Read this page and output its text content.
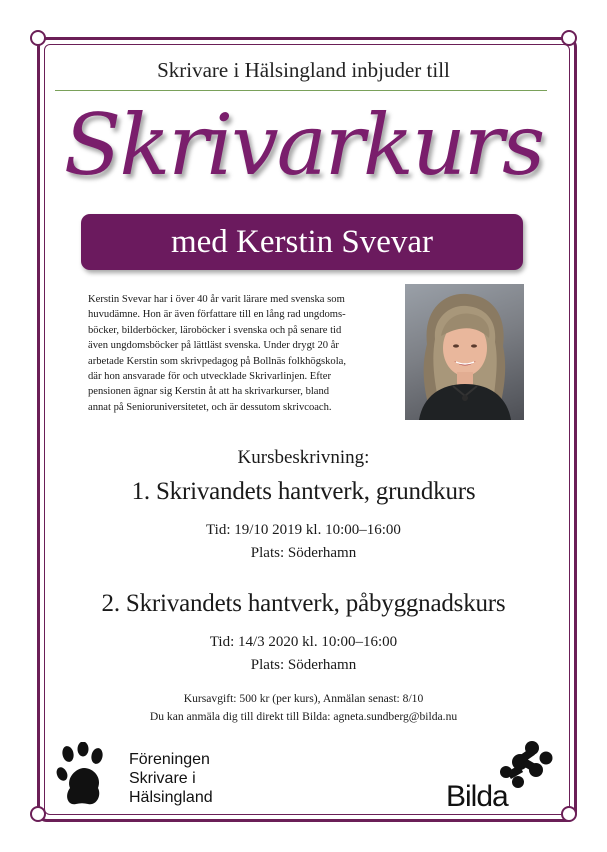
Skrivare i Hälsingland inbjuder till
Skrivarkurs
med Kerstin Svevar
Kerstin Svevar har i över 40 år varit lärare med svenska som
huvudämne. Hon är även författare till en lång rad ungdoms-
böcker, bilderböcker, läroböcker i svenska och på senare tid
även ungdomsböcker på lättläst svenska. Under drygt 20 år
arbetade Kerstin som skrivpedagog på Bollnäs folkhögskola,
där hon ansvarade för och utvecklade Skrivarlinjen. Efter
pensionen ägnar sig Kerstin åt att ha skrivarkurser, bland
annat på Senioruniversitetet, och är dessutom skrivcoach.
Kursbeskrivning:
1. Skrivandets hantverk, grundkurs
Tid: 19/10 2019 kl. 10:00–16:00
Plats: Söderhamn
2. Skrivandets hantverk, påbyggnadskurs
Tid: 14/3 2020 kl. 10:00–16:00
Plats: Söderhamn
Kursavgift: 500 kr (per kurs), Anmälan senast: 8/10
Du kan anmäla dig till direkt till Bilda: agneta.sundberg@bilda.nu
Föreningen
Skrivare i
Hälsingland	Bilda
